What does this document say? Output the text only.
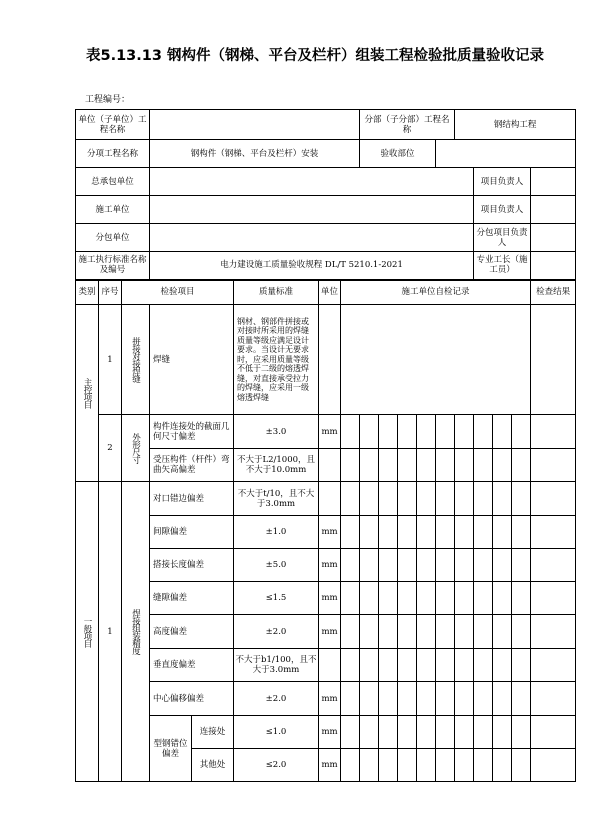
表5.13.13 钢构件（钢梯、平台及栏杆）组装工程检验批质量验收记录
工程编号：
单位（子单位）工程名称								分部（子分部）工程名称					钢结构工程				
分项工程名称			钢构件（钢梯、平台及栏杆）安装					验收部位									
总承包单位														项目负责人			
施工单位														项目负责人			
分包单位														分包项目负责人			
施工执行标准名称及编号			电力建设施工质量验收规程 DL/T 5210.1-2021											专业工长（施工员）			
类别	序号	检验项目			质量标准	单位	施工单位自检记录										检查结果
主控项目	1	拼接对接焊缝	焊缝		钢材、钢部件拼接或对接时所采用的焊缝质量等级应满足设计要求。当设计无要求时，应采用质量等级不低于二级的熔透焊缝，对直接承受拉力的焊缝，应采用一级熔透焊缝												
	2	外形尺寸	构件连接处的截面几何尺寸偏差		±3.0	mm											
			受压构件（杆件）弯曲矢高偏差		不大于L2/1000，且不大于10.0mm												
一般项目	1	焊接组装精度	对口错边偏差		不大于t/10，且不大于3.0mm												
			间隙偏差		±1.0	mm											
			搭接长度偏差		±5.0	mm											
			缝隙偏差		≤1.5	mm											
			高度偏差		±2.0	mm											
			垂直度偏差		不大于b1/100，且不大于3.0mm												
			中心偏移偏差		±2.0	mm											
			型钢错位偏差	连接处	≤1.0	mm											
				其他处	≤2.0	mm											
